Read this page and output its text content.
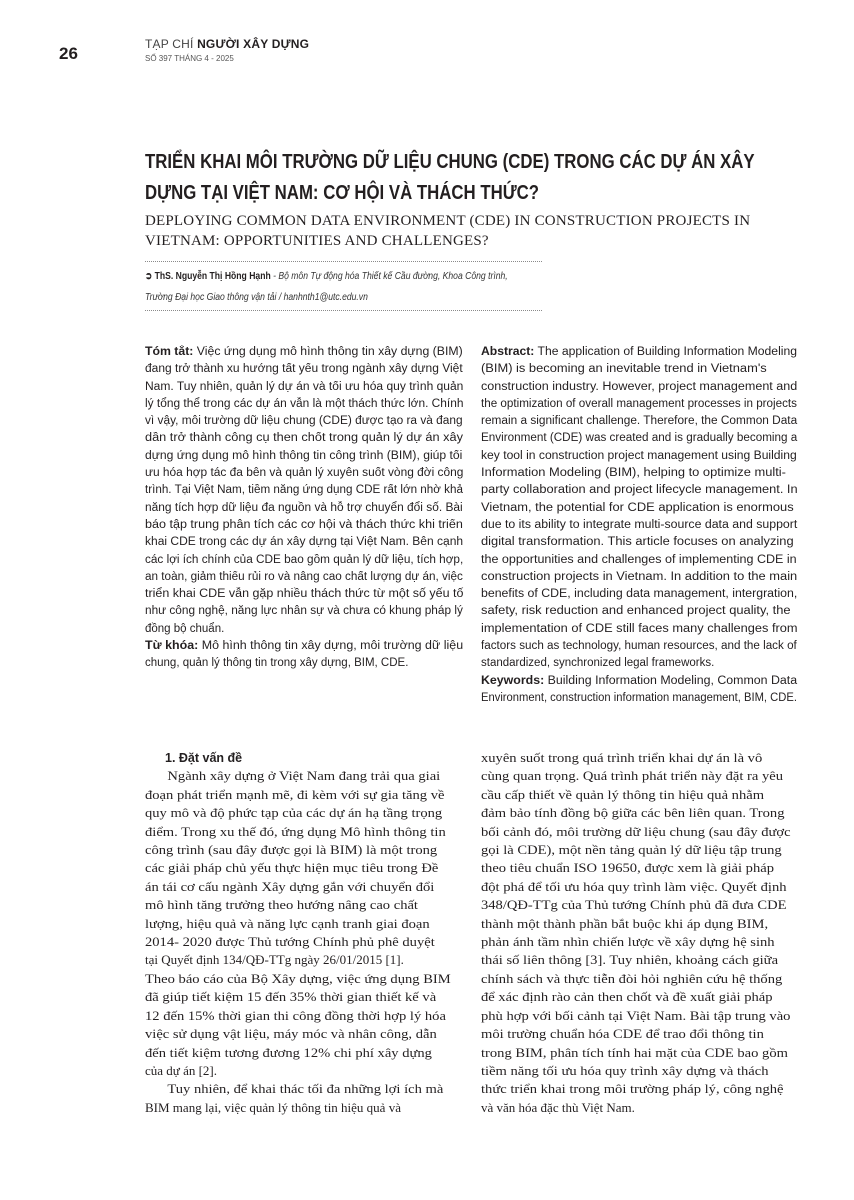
26	TẠP CHÍ NGƯỜI XÂY DỰNG
SỐ 397 THÁNG 4 - 2025
TRIỂN KHAI MÔI TRƯỜNG DỮ LIỆU CHUNG (CDE) TRONG CÁC DỰ ÁN XÂY
DỰNG TẠI VIỆT NAM: CƠ HỘI VÀ THÁCH THỨC?
DEPLOYING COMMON DATA ENVIRONMENT (CDE) IN CONSTRUCTION PROJECTS IN
VIETNAM: OPPORTUNITIES AND CHALLENGES?
➲ ThS. Nguyễn Thị Hồng Hạnh - Bộ môn Tự động hóa Thiết kế Cầu đường, Khoa Công trình,
Trường Đại học Giao thông vận tải / hanhnth1@utc.edu.vn
Tóm tắt: Việc ứng dụng mô hình thông tin xây dựng (BIM)
đang trở thành xu hướng tất yếu trong ngành xây dựng Việt
Nam. Tuy nhiên, quản lý dự án và tối ưu hóa quy trình quản
lý tổng thể trong các dự án vẫn là một thách thức lớn. Chính
vì vậy, môi trường dữ liệu chung (CDE) được tạo ra và đang
dần trở thành công cụ then chốt trong quản lý dự án xây
dựng ứng dụng mô hình thông tin công trình (BIM), giúp tối
ưu hóa hợp tác đa bên và quản lý xuyên suốt vòng đời công
trình. Tại Việt Nam, tiềm năng ứng dụng CDE rất lớn nhờ khả
năng tích hợp dữ liệu đa nguồn và hỗ trợ chuyển đổi số. Bài
báo tập trung phân tích các cơ hội và thách thức khi triển
khai CDE trong các dự án xây dựng tại Việt Nam. Bên cạnh
các lợi ích chính của CDE bao gồm quản lý dữ liệu, tích hợp,
an toàn, giảm thiểu rủi ro và nâng cao chất lượng dự án, việc
triển khai CDE vẫn gặp nhiều thách thức từ một số yếu tố
như công nghệ, năng lực nhân sự và chưa có khung pháp lý
đồng bộ chuẩn.
Từ khóa: Mô hình thông tin xây dựng, môi trường dữ liệu
chung, quản lý thông tin trong xây dựng, BIM, CDE.
Abstract: The application of Building Information Modeling
(BIM) is becoming an inevitable trend in Vietnam's
construction industry. However, project management and
the optimization of overall management processes in projects
remain a significant challenge. Therefore, the Common Data
Environment (CDE) was created and is gradually becoming a
key tool in construction project management using Building
Information Modeling (BIM), helping to optimize multi-
party collaboration and project lifecycle management. In
Vietnam, the potential for CDE application is enormous
due to its ability to integrate multi-source data and support
digital transformation. This article focuses on analyzing
the opportunities and challenges of implementing CDE in
construction projects in Vietnam. In addition to the main
benefits of CDE, including data management, intergration,
safety, risk reduction and enhanced project quality, the
implementation of CDE still faces many challenges from
factors such as technology, human resources, and the lack of
standardized, synchronized legal frameworks.
Keywords: Building Information Modeling, Common Data
Environment, construction information management, BIM, CDE.
1. Đặt vấn đề
Ngành xây dựng ở Việt Nam đang trải qua giai
đoạn phát triển mạnh mẽ, đi kèm với sự gia tăng về
quy mô và độ phức tạp của các dự án hạ tầng trọng
điểm. Trong xu thế đó, ứng dụng Mô hình thông tin
công trình (sau đây được gọi là BIM) là một trong
các giải pháp chủ yếu thực hiện mục tiêu trong Đề
án tái cơ cấu ngành Xây dựng gắn với chuyển đổi
mô hình tăng trưởng theo hướng nâng cao chất
lượng, hiệu quả và năng lực cạnh tranh giai đoạn
2014- 2020 được Thủ tướng Chính phủ phê duyệt
tại Quyết định 134/QĐ-TTg ngày 26/01/2015 [1].
Theo báo cáo của Bộ Xây dựng, việc ứng dụng BIM
đã giúp tiết kiệm 15 đến 35% thời gian thiết kế và
12 đến 15% thời gian thi công đồng thời hợp lý hóa
việc sử dụng vật liệu, máy móc và nhân công, dẫn
đến tiết kiệm tương đương 12% chi phí xây dựng
của dự án [2].
Tuy nhiên, để khai thác tối đa những lợi ích mà
BIM mang lại, việc quản lý thông tin hiệu quả và
xuyên suốt trong quá trình triển khai dự án là vô
cùng quan trọng. Quá trình phát triển này đặt ra yêu
cầu cấp thiết về quản lý thông tin hiệu quả nhằm
đảm bảo tính đồng bộ giữa các bên liên quan. Trong
bối cảnh đó, môi trường dữ liệu chung (sau đây được
gọi là CDE), một nền tảng quản lý dữ liệu tập trung
theo tiêu chuẩn ISO 19650, được xem là giải pháp
đột phá để tối ưu hóa quy trình làm việc. Quyết định
348/QĐ-TTg của Thủ tướng Chính phủ đã đưa CDE
thành một thành phần bắt buộc khi áp dụng BIM,
phản ánh tầm nhìn chiến lược về xây dựng hệ sinh
thái số liên thông [3]. Tuy nhiên, khoảng cách giữa
chính sách và thực tiễn đòi hỏi nghiên cứu hệ thống
để xác định rào cản then chốt và đề xuất giải pháp
phù hợp với bối cảnh tại Việt Nam. Bài tập trung vào
môi trường chuẩn hóa CDE để trao đổi thông tin
trong BIM, phân tích tính hai mặt của CDE bao gồm
tiềm năng tối ưu hóa quy trình xây dựng và thách
thức triển khai trong môi trường pháp lý, công nghệ
và văn hóa đặc thù Việt Nam.
